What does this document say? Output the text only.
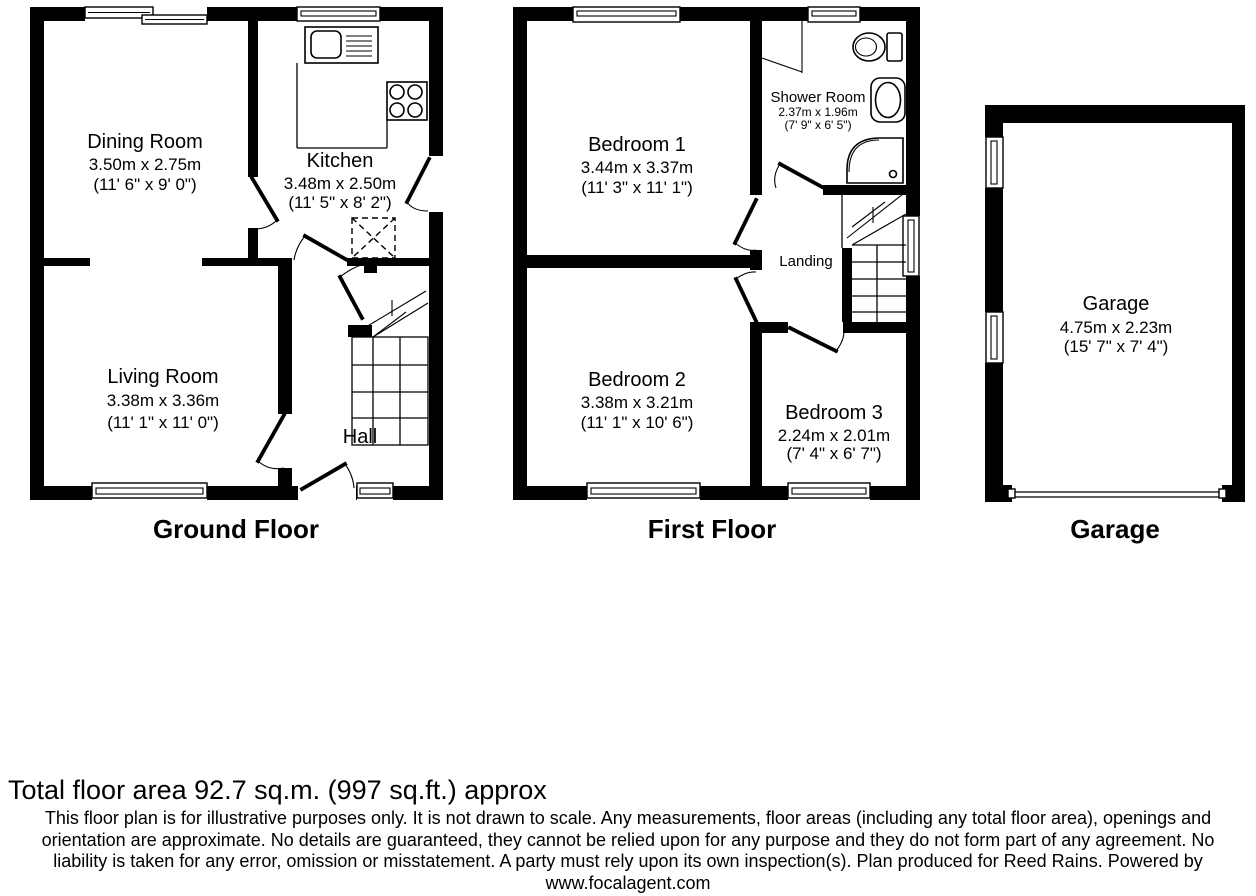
Dining Room
3.50m x 2.75m
(11' 6" x 9' 0")
Kitchen
3.48m x 2.50m
(11' 5" x 8' 2")
Living Room
3.38m x 3.36m
(11' 1" x 11' 0")
Hall
Ground Floor
Bedroom 1
3.44m x 3.37m
(11' 3" x 11' 1")
Shower Room
2.37m x 1.96m
(7' 9" x 6' 5")
Landing
Bedroom 2
3.38m x 3.21m
(11' 1" x 10' 6")	Bedroom 3
2.24m x 2.01m
(7' 4" x 6' 7")
First Floor
Garage
4.75m x 2.23m
(15' 7" x 7' 4")
Garage
Total floor area 92.7 sq.m. (997 sq.ft.) approx
This floor plan is for illustrative purposes only. It is not drawn to scale. Any measurements, floor areas (including any total floor area), openings and
orientation are approximate. No details are guaranteed, they cannot be relied upon for any purpose and they do not form part of any agreement. No
liability is taken for any error, omission or misstatement. A party must rely upon its own inspection(s). Plan produced for Reed Rains. Powered by
www.focalagent.com
